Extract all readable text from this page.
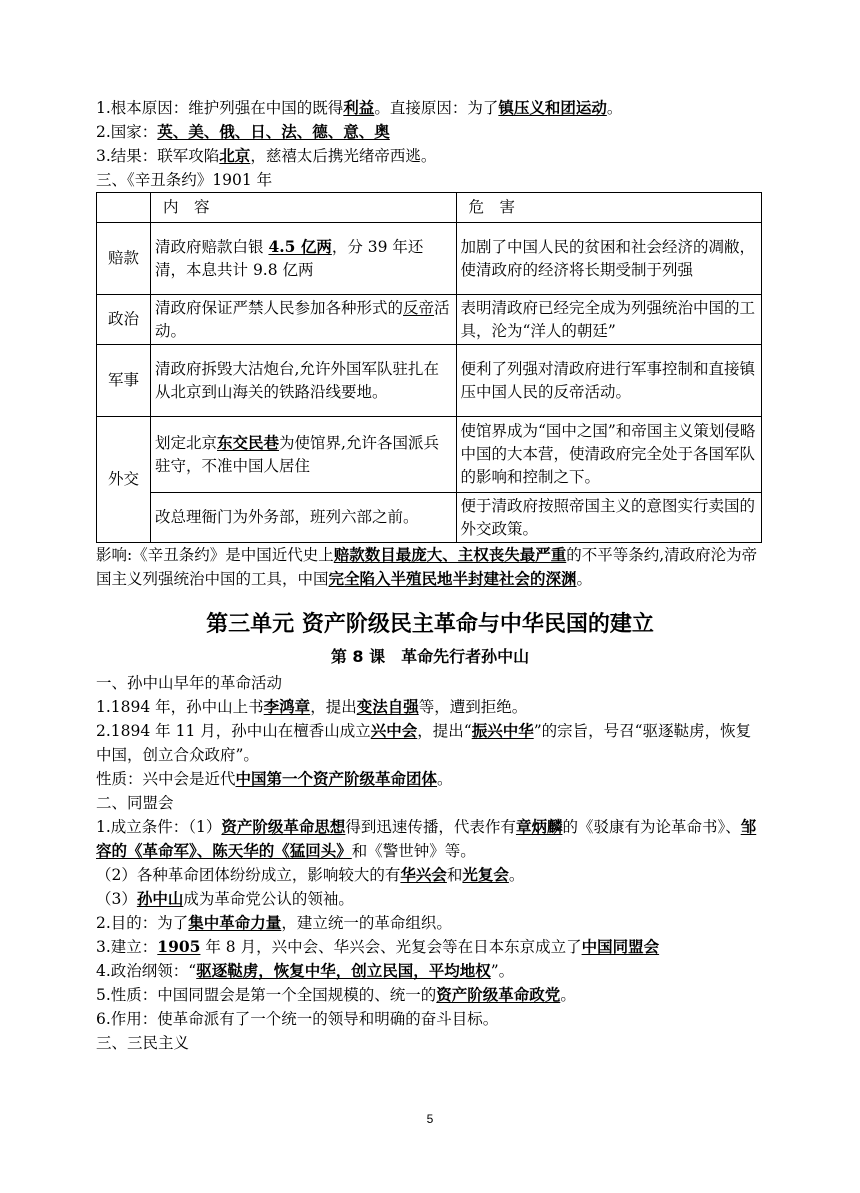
1.根本原因：维护列强在中国的既得利益。直接原因：为了镇压义和团运动。
2.国家：英、美、俄、日、法、德、意、奥
3.结果：联军攻陷北京，慈禧太后携光绪帝西逃。
三、《辛丑条约》1901 年
	内　容	危　害
赔款	清政府赔款白银 4.5 亿两，分 39 年还清，本息共计 9.8 亿两	加剧了中国人民的贫困和社会经济的凋敝，使清政府的经济将长期受制于列强
政治	清政府保证严禁人民参加各种形式的反帝活动。	表明清政府已经完全成为列强统治中国的工具，沦为“洋人的朝廷”
军事	清政府拆毁大沽炮台,允许外国军队驻扎在从北京到山海关的铁路沿线要地。	便利了列强对清政府进行军事控制和直接镇压中国人民的反帝活动。
外交	划定北京东交民巷为使馆界,允许各国派兵驻守，不准中国人居住	使馆界成为“国中之国”和帝国主义策划侵略中国的大本营，使清政府完全处于各国军队的影响和控制之下。
	改总理衙门为外务部，班列六部之前。	便于清政府按照帝国主义的意图实行卖国的外交政策。
影响:《辛丑条约》是中国近代史上赔款数目最庞大、主权丧失最严重的不平等条约,清政府沦为帝国主义列强统治中国的工具，中国完全陷入半殖民地半封建社会的深渊。
第三单元 资产阶级民主革命与中华民国的建立
第 8 课　革命先行者孙中山
一、孙中山早年的革命活动
1.1894 年，孙中山上书李鸿章，提出变法自强等，遭到拒绝。
2.1894 年 11 月，孙中山在檀香山成立兴中会，提出“振兴中华”的宗旨，号召“驱逐鞑虏，恢复中国，创立合众政府”。
性质：兴中会是近代中国第一个资产阶级革命团体。
二、同盟会
1.成立条件：（1）资产阶级革命思想得到迅速传播，代表作有章炳麟的《驳康有为论革命书》、邹容的《革命军》、陈天华的《猛回头》和《警世钟》等。
（2）各种革命团体纷纷成立，影响较大的有华兴会和光复会。
（3）孙中山成为革命党公认的领袖。
2.目的：为了集中革命力量，建立统一的革命组织。
3.建立：1905 年 8 月，兴中会、华兴会、光复会等在日本东京成立了中国同盟会
4.政治纲领：“驱逐鞑虏，恢复中华，创立民国，平均地权”。
5.性质：中国同盟会是第一个全国规模的、统一的资产阶级革命政党。
6.作用：使革命派有了一个统一的领导和明确的奋斗目标。
三、三民主义
5
